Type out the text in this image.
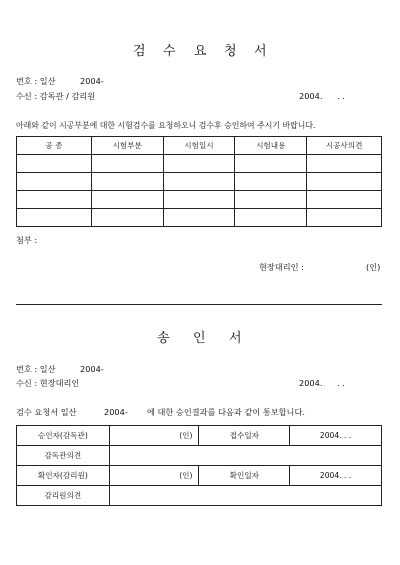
검 수 요 청 서
번호 : 일산	2004-
수신 : 감독관 / 감리원	2004. . .
아래와 같이 시공부분에 대한 시험검수를 요청하오니 검수후 승인하여 주시기 바랍니다.
공 종	시험부분	시험일시	시험내용	시공사의견

첨부 :
현장대리인 :	(인)
송 인 서
번호 : 일산	2004-
수신 : 현장대리인	2004. . .
검수 요청서 일산	2004- 에 대한 승인결과를 다음과 같이 통보합니다.
승인자(감독관)	(인)	접수일자	2004. . .
감독관의견			
확인자(감리원)	(인)	확인일자	2004. . .
감리원의견			
